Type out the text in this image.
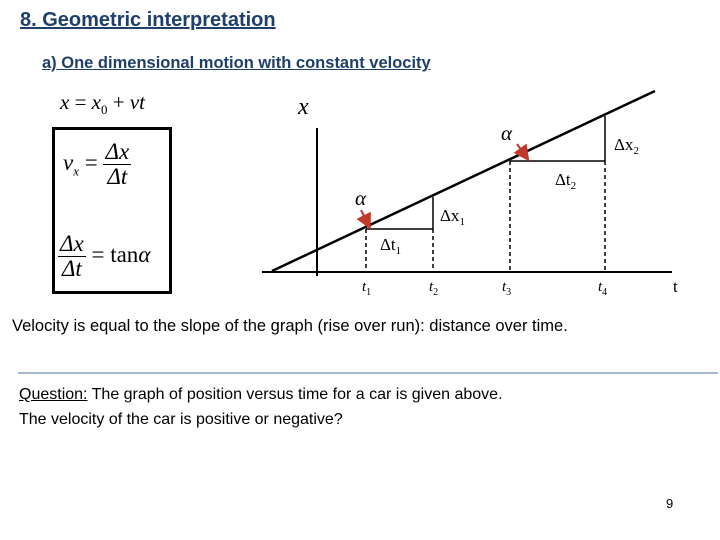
8. Geometric interpretation
a) One dimensional motion with constant velocity
$x = x_0$ + vt
$v_x = \frac{\Delta x}{\Delta t}$
$\frac{\Delta x}{\Delta t} = \tan\alpha$
x
t
α
α
$\Delta t_1$
$\Delta x_1$
$\Delta t_2$
$\Delta x_2$
$t_1$	$t_2$	$t_3$	$t_4$
Velocity is equal to the slope of the graph (rise over run): distance over time.
Question: The graph of position versus time for a car is given above.
The velocity of the car is positive or negative?
9
